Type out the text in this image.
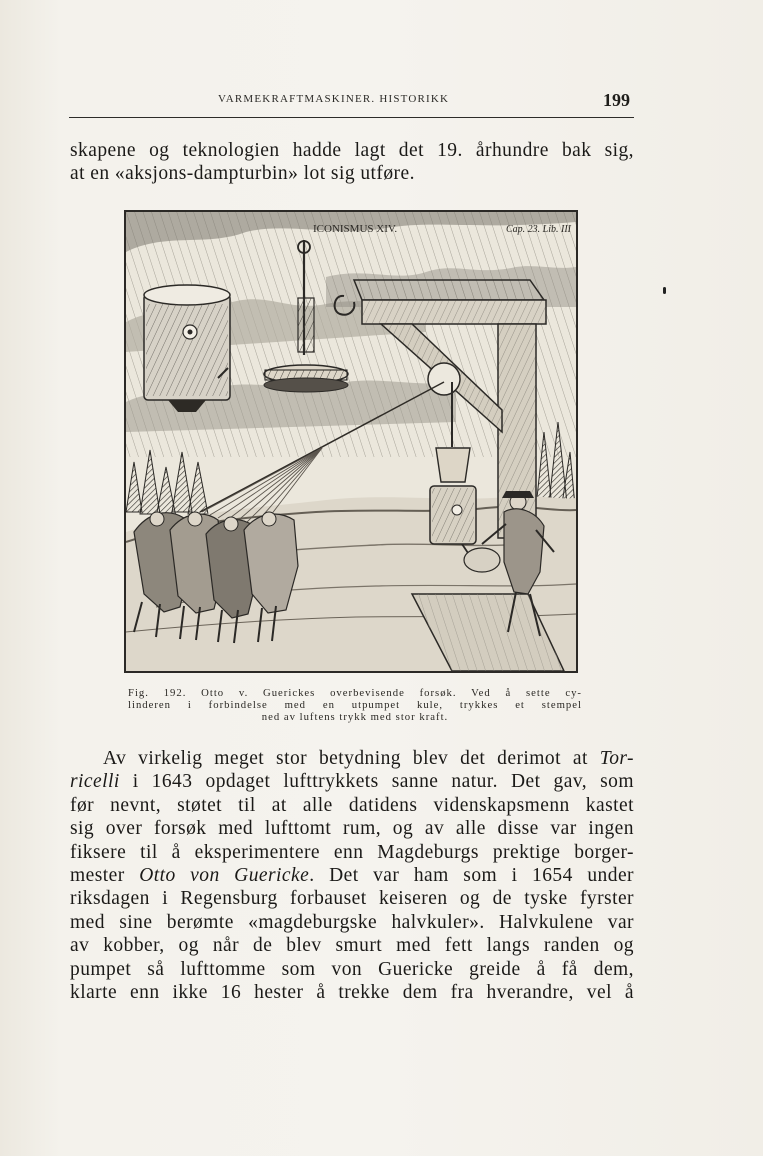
VARMEKRAFTMASKINER. HISTORIKK	199
skapene og teknologien hadde lagt det 19. århundre bak sig,
at en «aksjons-dampturbin» lot sig utføre.
ICONISMUS XIV.	Cap. 23. Lib. III
Fig. 192. Otto v. Guerickes overbevisende forsøk. Ved å sette cy-
linderen i forbindelse med en utpumpet kule, trykkes et stempel
ned av luftens trykk med stor kraft.
Av virkelig meget stor betydning blev det derimot at Tor-
ricelli i 1643 opdaget lufttrykkets sanne natur. Det gav, som
før nevnt, støtet til at alle datidens videnskapsmenn kastet
sig over forsøk med lufttomt rum, og av alle disse var ingen
fiksere til å eksperimentere enn Magdeburgs prektige borger-
mester Otto von Guericke. Det var ham som i 1654 under
riksdagen i Regensburg forbauset keiseren og de tyske fyrster
med sine berømte «magdeburgske halvkuler». Halvkulene var
av kobber, og når de blev smurt med fett langs randen og
pumpet så lufttomme som von Guericke greide å få dem,
klarte enn ikke 16 hester å trekke dem fra hverandre, vel å
